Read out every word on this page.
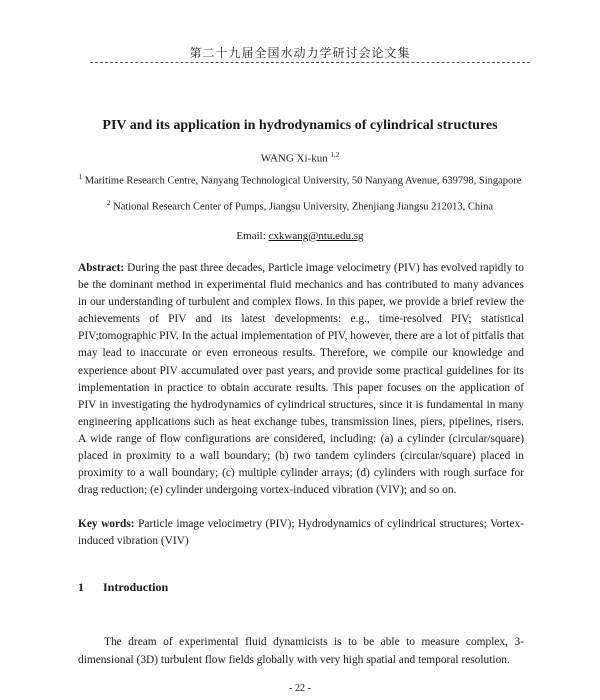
第二十九届全国水动力学研讨会论文集
PIV and its application in hydrodynamics of cylindrical structures
WANG Xi-kun $^{1,2}$
$^1$ Maritime Research Centre, Nanyang Technological University, 50 Nanyang Avenue, 639798, Singapore
$^2$ National Research Center of Pumps, Jiangsu University, Zhenjiang Jiangsu 212013, China
Email: cxkwang@ntu.edu.sg

Abstract: During the past three decades, Particle image velocimetry (PIV) has evolved rapidly to be the dominant method in experimental fluid mechanics and has contributed to many advances in our understanding of turbulent and complex flows. In this paper, we provide a brief review the achievements of PIV and its latest developments: e.g., time-resolved PIV; statistical PIV;tomographic PIV. In the actual implementation of PIV, however, there are a lot of pitfalls that may lead to inaccurate or even erroneous results. Therefore, we compile our knowledge and experience about PIV accumulated over past years, and provide some practical guidelines for its implementation in practice to obtain accurate results. This paper focuses on the application of PIV in investigating the hydrodynamics of cylindrical structures, since it is fundamental in many engineering applications such as heat exchange tubes, transmission lines, piers, pipelines, risers. A wide range of flow configurations are considered, including: (a) a cylinder (circular/square) placed in proximity to a wall boundary; (b) two tandem cylinders (circular/square) placed in proximity to a wall boundary; (c) multiple cylinder arrays; (d) cylinders with rough surface for drag reduction; (e) cylinder undergoing vortex-induced vibration (VIV); and so on.

Key words: Particle image velocimetry (PIV); Hydrodynamics of cylindrical structures; Vortex-induced vibration (VIV)

1 Introduction

The dream of experimental fluid dynamicists is to be able to measure complex, 3-dimensional (3D) turbulent flow fields globally with very high spatial and temporal resolution.

- 22 -
